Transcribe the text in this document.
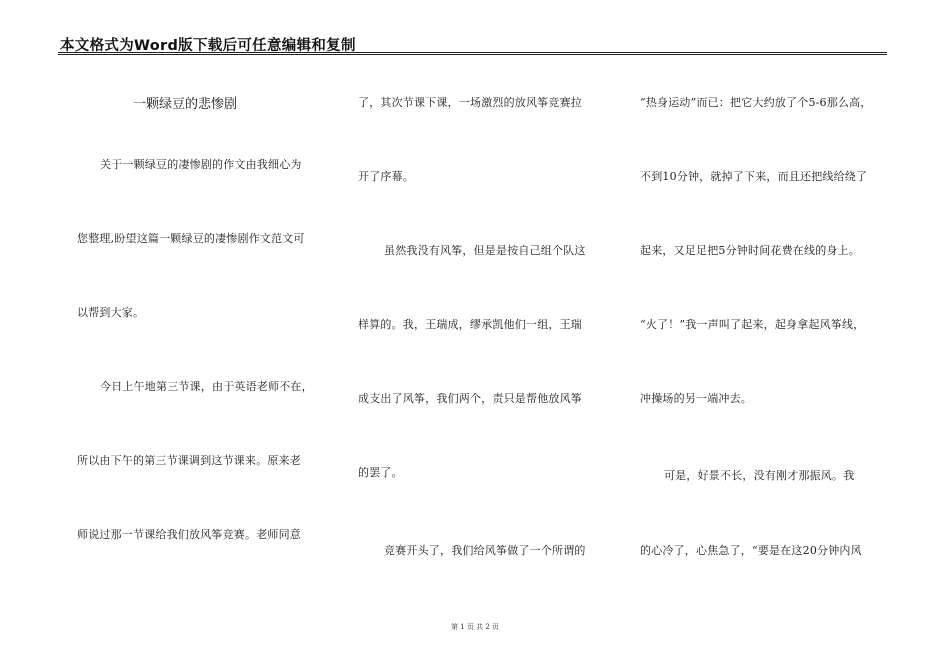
本文格式为Word版下载后可任意编辑和复制
一颗绿豆的悲惨剧
关于一颗绿豆的凄惨剧的作文由我细心为
您整理,盼望这篇一颗绿豆的凄惨剧作文范文可
以帮到大家。
今日上午地第三节课，由于英语老师不在，
所以由下午的第三节课调到这节课来。原来老
师说过那一节课给我们放风筝竞赛。老师同意
了，其次节课下课，一场激烈的放风筝竞赛拉
开了序幕。
虽然我没有风筝，但是是按自己组个队这
样算的。我，王瑞成，缪承凯他们一组，王瑞
成支出了风筝，我们两个，责只是帮他放风筝
的罢了。
竞赛开头了，我们给风筝做了一个所谓的
“热身运动”而已：把它大约放了个5-6那么高，
不到10分钟，就掉了下来，而且还把线给绕了
起来，又足足把5分钟时间花费在线的身上。
“火了！”我一声叫了起来，起身拿起风筝线，
冲操场的另一端冲去。
可是，好景不长，没有刚才那振风。我
的心冷了，心焦急了，“要是在这20分钟内风
第 1 页 共 2 页
